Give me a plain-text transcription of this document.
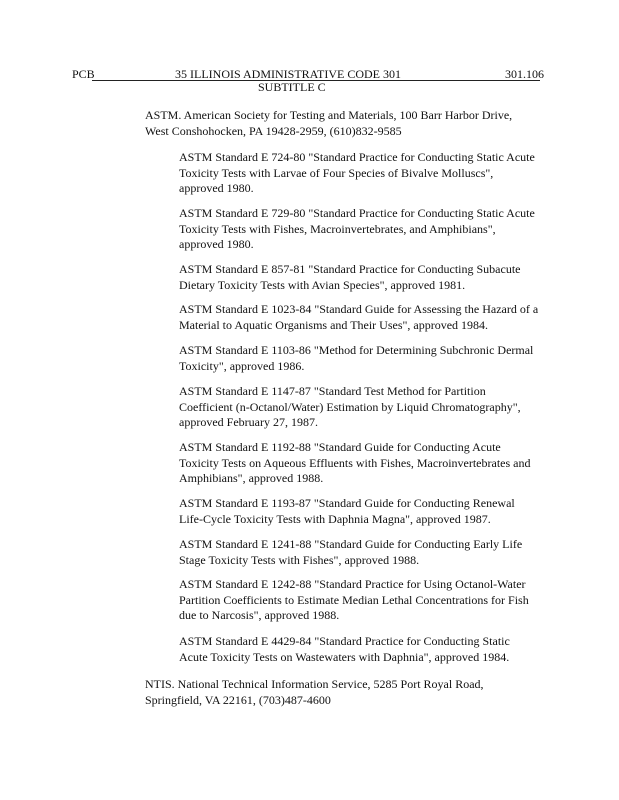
PCB	35 ILLINOIS ADMINISTRATIVE CODE 301	301.106
SUBTITLE C

ASTM. American Society for Testing and Materials, 100 Barr Harbor Drive,
West Conshohocken, PA 19428-2959, (610)832-9585

ASTM Standard E 724-80 "Standard Practice for Conducting Static Acute
Toxicity Tests with Larvae of Four Species of Bivalve Molluscs",
approved 1980.

ASTM Standard E 729-80 "Standard Practice for Conducting Static Acute
Toxicity Tests with Fishes, Macroinvertebrates, and Amphibians",
approved 1980.

ASTM Standard E 857-81 "Standard Practice for Conducting Subacute
Dietary Toxicity Tests with Avian Species", approved 1981.

ASTM Standard E 1023-84 "Standard Guide for Assessing the Hazard of a
Material to Aquatic Organisms and Their Uses", approved 1984.

ASTM Standard E 1103-86 "Method for Determining Subchronic Dermal
Toxicity", approved 1986.

ASTM Standard E 1147-87 "Standard Test Method for Partition
Coefficient (n-Octanol/Water) Estimation by Liquid Chromatography",
approved February 27, 1987.

ASTM Standard E 1192-88 "Standard Guide for Conducting Acute
Toxicity Tests on Aqueous Effluents with Fishes, Macroinvertebrates and
Amphibians", approved 1988.

ASTM Standard E 1193-87 "Standard Guide for Conducting Renewal
Life-Cycle Toxicity Tests with Daphnia Magna", approved 1987.

ASTM Standard E 1241-88 "Standard Guide for Conducting Early Life
Stage Toxicity Tests with Fishes", approved 1988.

ASTM Standard E 1242-88 "Standard Practice for Using Octanol-Water
Partition Coefficients to Estimate Median Lethal Concentrations for Fish
due to Narcosis", approved 1988.

ASTM Standard E 4429-84 "Standard Practice for Conducting Static
Acute Toxicity Tests on Wastewaters with Daphnia", approved 1984.

NTIS. National Technical Information Service, 5285 Port Royal Road,
Springfield, VA 22161, (703)487-4600
